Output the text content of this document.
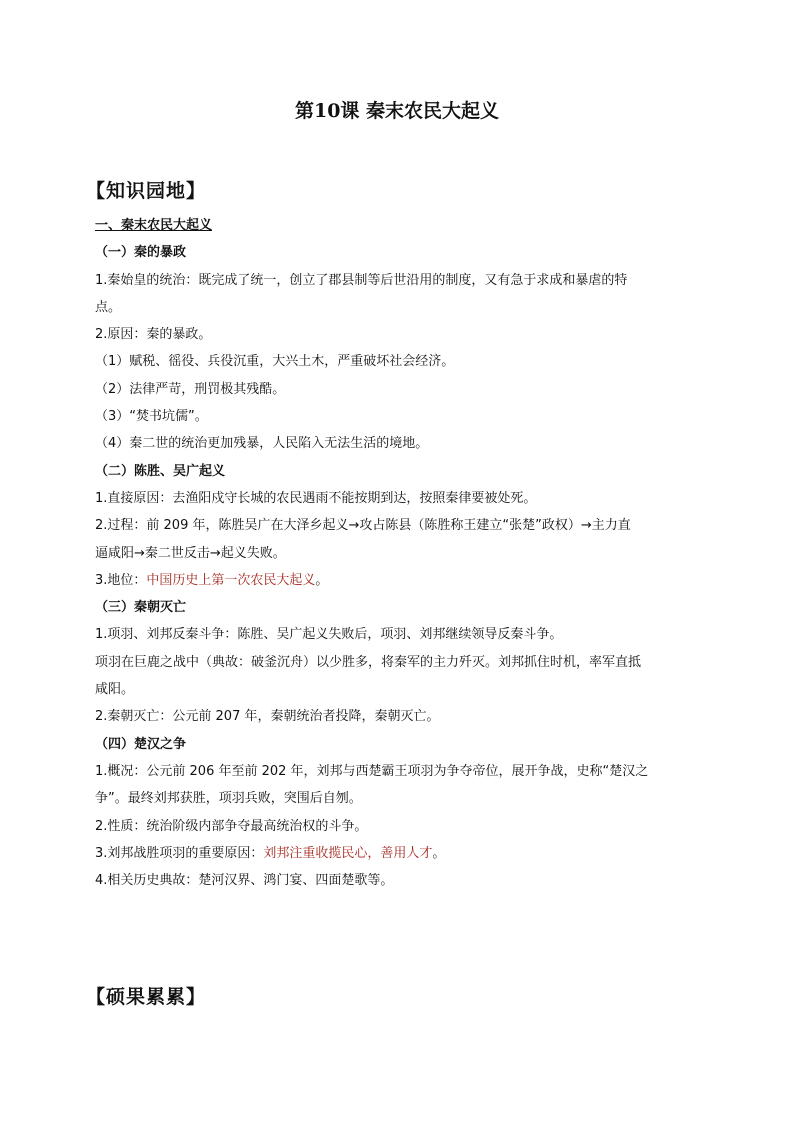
第10课 秦末农民大起义
【知识园地】

一、秦末农民大起义

（一）秦的暴政

1.秦始皇的统治：既完成了统一，创立了郡县制等后世沿用的制度，又有急于求成和暴虐的特

点。

2.原因：秦的暴政。

（1）赋税、徭役、兵役沉重，大兴土木，严重破坏社会经济。

（2）法律严苛，刑罚极其残酷。

（3）“焚书坑儒”。

（4）秦二世的统治更加残暴，人民陷入无法生活的境地。

（二）陈胜、吴广起义

1.直接原因：去渔阳戍守长城的农民遇雨不能按期到达，按照秦律要被处死。

2.过程：前 209 年，陈胜吴广在大泽乡起义→攻占陈县（陈胜称王建立“张楚”政权）→主力直

逼咸阳→秦二世反击→起义失败。

3.地位：中国历史上第一次农民大起义。

（三）秦朝灭亡

1.项羽、刘邦反秦斗争：陈胜、吴广起义失败后，项羽、刘邦继续领导反秦斗争。

项羽在巨鹿之战中（典故：破釜沉舟）以少胜多，将秦军的主力歼灭。刘邦抓住时机，率军直抵

咸阳。

2.秦朝灭亡：公元前 207 年，秦朝统治者投降，秦朝灭亡。

（四）楚汉之争

1.概况：公元前 206 年至前 202 年，刘邦与西楚霸王项羽为争夺帝位，展开争战，史称“楚汉之

争”。最终刘邦获胜，项羽兵败，突围后自刎。

2.性质：统治阶级内部争夺最高统治权的斗争。

3.刘邦战胜项羽的重要原因：刘邦注重收揽民心，善用人才。

4.相关历史典故：楚河汉界、鸿门宴、四面楚歌等。

【硕果累累】
